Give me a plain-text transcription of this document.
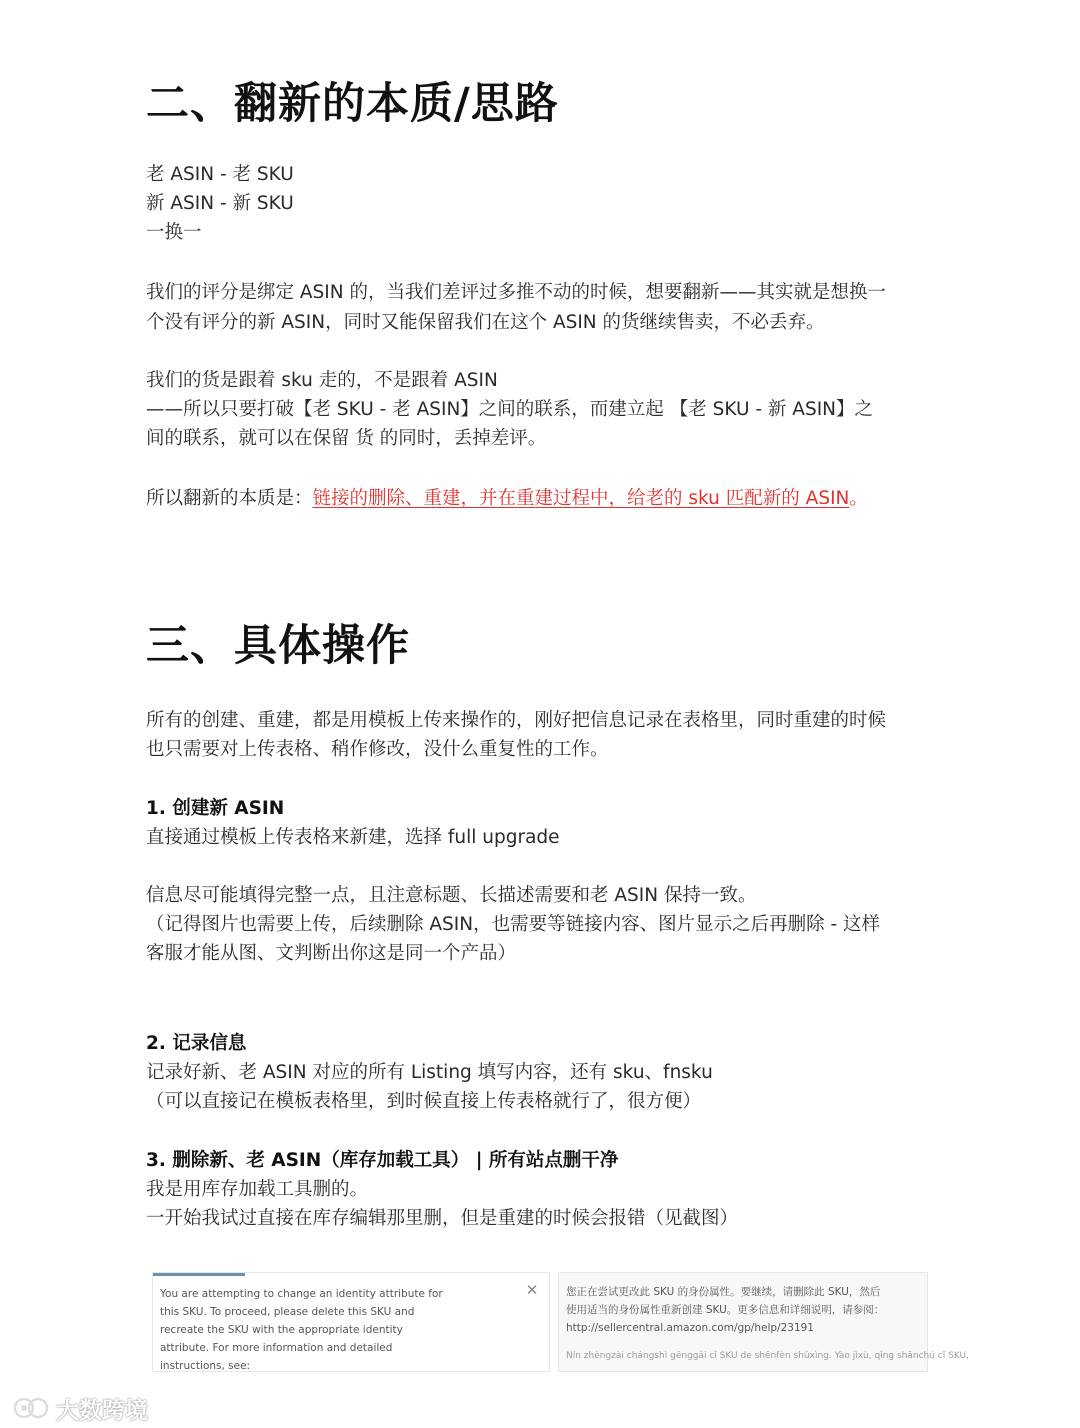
二、翻新的本质/思路

老 ASIN - 老 SKU

新 ASIN - 新 SKU

一换一

我们的评分是绑定 ASIN 的，当我们差评过多推不动的时候，想要翻新——其实就是想换一

个没有评分的新 ASIN，同时又能保留我们在这个 ASIN 的货继续售卖，不必丢弃。

我们的货是跟着 sku 走的，不是跟着 ASIN

——所以只要打破【老 SKU - 老 ASIN】之间的联系，而建立起 【老 SKU - 新 ASIN】之

间的联系，就可以在保留 货 的同时，丢掉差评。

所以翻新的本质是：链接的删除、重建，并在重建过程中，给老的 sku 匹配新的 ASIN。

三、具体操作

所有的创建、重建，都是用模板上传来操作的，刚好把信息记录在表格里，同时重建的时候

也只需要对上传表格、稍作修改，没什么重复性的工作。

1. 创建新 ASIN

直接通过模板上传表格来新建，选择 full upgrade

信息尽可能填得完整一点，且注意标题、长描述需要和老 ASIN 保持一致。

（记得图片也需要上传，后续删除 ASIN，也需要等链接内容、图片显示之后再删除 - 这样

客服才能从图、文判断出你这是同一个产品）

2. 记录信息

记录好新、老 ASIN 对应的所有 Listing 填写内容，还有 sku、fnsku

（可以直接记在模板表格里，到时候直接上传表格就行了，很方便）

3. 删除新、老 ASIN（库存加载工具） | 所有站点删干净

我是用库存加载工具删的。

一开始我试过直接在库存编辑那里删，但是重建的时候会报错（见截图）

You are attempting to change an identity attribute for
this SKU. To proceed, please delete this SKU and
recreate the SKU with the appropriate identity
attribute. For more information and detailed
instructions, see:
✕	您正在尝试更改此 SKU 的身份属性。要继续，请删除此 SKU，然后
使用适当的身份属性重新创建 SKU。更多信息和详细说明，请参阅：
http://sellercentral.amazon.com/gp/help/23191
Nín zhèngzài chángshì gēnggǎi cǐ SKU de shēnfèn shǔxìng. Yào jìxù, qǐng shānchú cǐ SKU,
大数跨境
